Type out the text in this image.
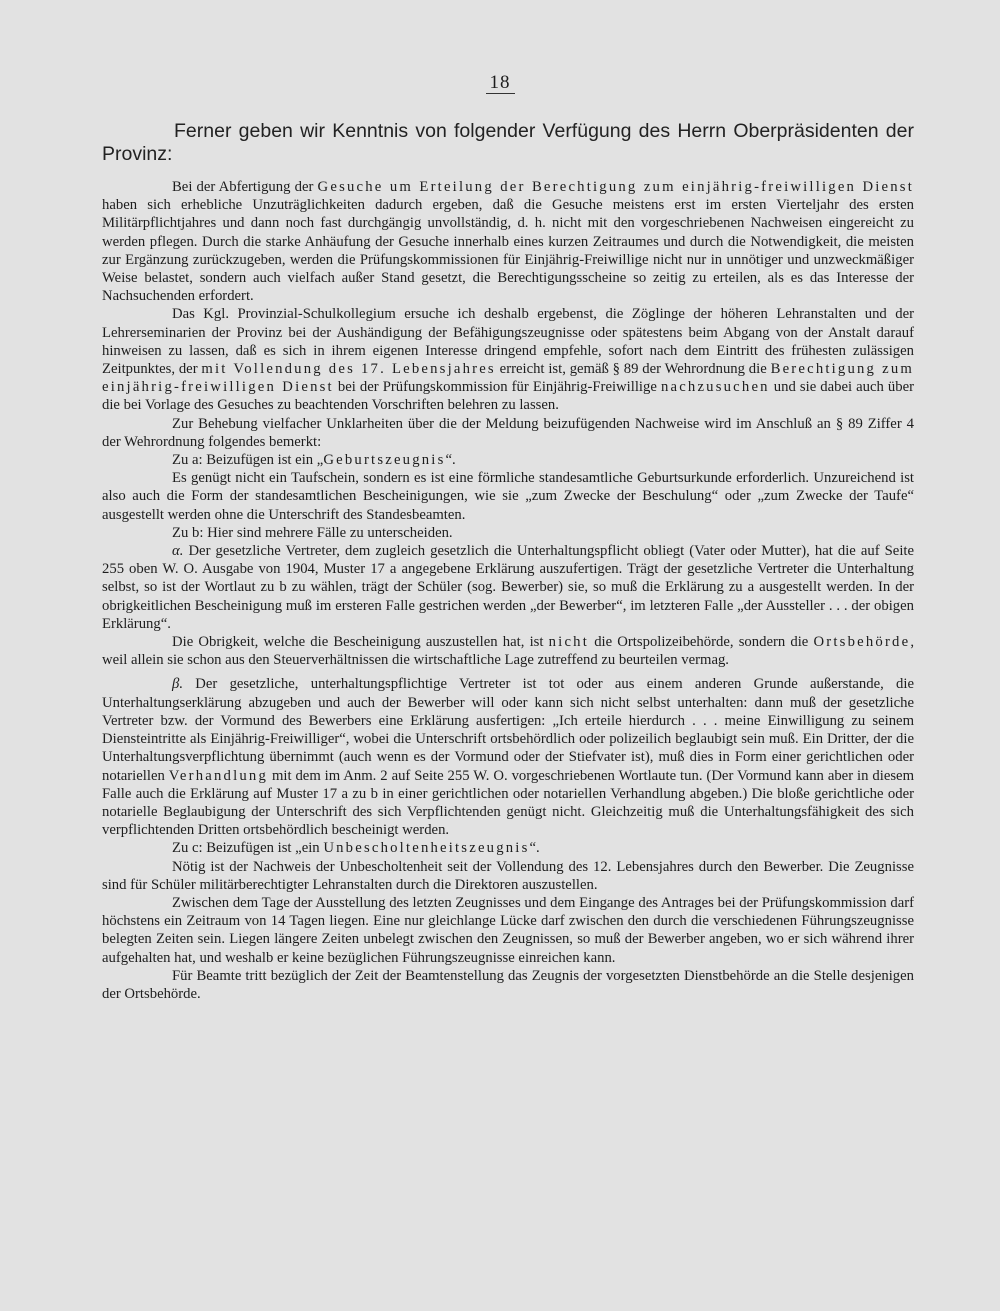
18

Ferner geben wir Kenntnis von folgender Verfügung des Herrn Oberpräsidenten der Provinz:

Bei der Abfertigung der Gesuche um Erteilung der Berechtigung zum einjährig-freiwilligen Dienst haben sich erhebliche Unzuträglichkeiten dadurch ergeben, daß die Gesuche meistens erst im ersten Vierteljahr des ersten Militärpflichtjahres und dann noch fast durchgängig unvollständig, d. h. nicht mit den vorgeschriebenen Nachweisen eingereicht zu werden pflegen. Durch die starke Anhäufung der Gesuche innerhalb eines kurzen Zeitraumes und durch die Notwendigkeit, die meisten zur Ergänzung zurückzugeben, werden die Prüfungskommissionen für Einjährig-Freiwillige nicht nur in unnötiger und unzweckmäßiger Weise belastet, sondern auch vielfach außer Stand gesetzt, die Berechtigungsscheine so zeitig zu erteilen, als es das Interesse der Nachsuchenden erfordert.

Das Kgl. Provinzial-Schulkollegium ersuche ich deshalb ergebenst, die Zöglinge der höheren Lehranstalten und der Lehrerseminarien der Provinz bei der Aushändigung der Befähigungszeugnisse oder spätestens beim Abgang von der Anstalt darauf hinweisen zu lassen, daß es sich in ihrem eigenen Interesse dringend empfehle, sofort nach dem Eintritt des frühesten zulässigen Zeitpunktes, der mit Vollendung des 17. Lebensjahres erreicht ist, gemäß § 89 der Wehrordnung die Berechtigung zum einjährig-freiwilligen Dienst bei der Prüfungskommission für Einjährig-Freiwillige nachzusuchen und sie dabei auch über die bei Vorlage des Gesuches zu beachtenden Vorschriften belehren zu lassen.

Zur Behebung vielfacher Unklarheiten über die der Meldung beizufügenden Nachweise wird im Anschluß an § 89 Ziffer 4 der Wehrordnung folgendes bemerkt:

Zu a: Beizufügen ist ein „Geburtszeugnis“.

Es genügt nicht ein Taufschein, sondern es ist eine förmliche standesamtliche Geburtsurkunde erforderlich. Unzureichend ist also auch die Form der standesamtlichen Bescheinigungen, wie sie „zum Zwecke der Beschulung“ oder „zum Zwecke der Taufe“ ausgestellt werden ohne die Unterschrift des Standesbeamten.

Zu b: Hier sind mehrere Fälle zu unterscheiden.

α. Der gesetzliche Vertreter, dem zugleich gesetzlich die Unterhaltungspflicht obliegt (Vater oder Mutter), hat die auf Seite 255 oben W. O. Ausgabe von 1904, Muster 17 a angegebene Erklärung auszufertigen. Trägt der gesetzliche Vertreter die Unterhaltung selbst, so ist der Wortlaut zu b zu wählen, trägt der Schüler (sog. Bewerber) sie, so muß die Erklärung zu a ausgestellt werden. In der obrigkeitlichen Bescheinigung muß im ersteren Falle gestrichen werden „der Bewerber“, im letzteren Falle „der Aussteller . . . der obigen Erklärung“.

Die Obrigkeit, welche die Bescheinigung auszustellen hat, ist nicht die Ortspolizeibehörde, sondern die Ortsbehörde, weil allein sie schon aus den Steuerverhältnissen die wirtschaftliche Lage zutreffend zu beurteilen vermag.

β. Der gesetzliche, unterhaltungspflichtige Vertreter ist tot oder aus einem anderen Grunde außerstande, die Unterhaltungserklärung abzugeben und auch der Bewerber will oder kann sich nicht selbst unterhalten: dann muß der gesetzliche Vertreter bzw. der Vormund des Bewerbers eine Erklärung ausfertigen: „Ich erteile hierdurch . . . meine Einwilligung zu seinem Diensteintritte als Einjährig-Freiwilliger“, wobei die Unterschrift ortsbehördlich oder polizeilich beglaubigt sein muß. Ein Dritter, der die Unterhaltungsverpflichtung übernimmt (auch wenn es der Vormund oder der Stiefvater ist), muß dies in Form einer gerichtlichen oder notariellen Verhandlung mit dem im Anm. 2 auf Seite 255 W. O. vorgeschriebenen Wortlaute tun. (Der Vormund kann aber in diesem Falle auch die Erklärung auf Muster 17 a zu b in einer gerichtlichen oder notariellen Verhandlung abgeben.) Die bloße gerichtliche oder notarielle Beglaubigung der Unterschrift des sich Verpflichtenden genügt nicht. Gleichzeitig muß die Unterhaltungsfähigkeit des sich verpflichtenden Dritten ortsbehördlich bescheinigt werden.

Zu c: Beizufügen ist „ein Unbescholtenheitszeugnis“.

Nötig ist der Nachweis der Unbescholtenheit seit der Vollendung des 12. Lebensjahres durch den Bewerber. Die Zeugnisse sind für Schüler militärberechtigter Lehranstalten durch die Direktoren auszustellen.

Zwischen dem Tage der Ausstellung des letzten Zeugnisses und dem Eingange des Antrages bei der Prüfungskommission darf höchstens ein Zeitraum von 14 Tagen liegen. Eine nur gleichlange Lücke darf zwischen den durch die verschiedenen Führungszeugnisse belegten Zeiten sein. Liegen längere Zeiten unbelegt zwischen den Zeugnissen, so muß der Bewerber angeben, wo er sich während ihrer aufgehalten hat, und weshalb er keine bezüglichen Führungszeugnisse einreichen kann.

Für Beamte tritt bezüglich der Zeit der Beamtenstellung das Zeugnis der vorgesetzten Dienstbehörde an die Stelle desjenigen der Ortsbehörde.
